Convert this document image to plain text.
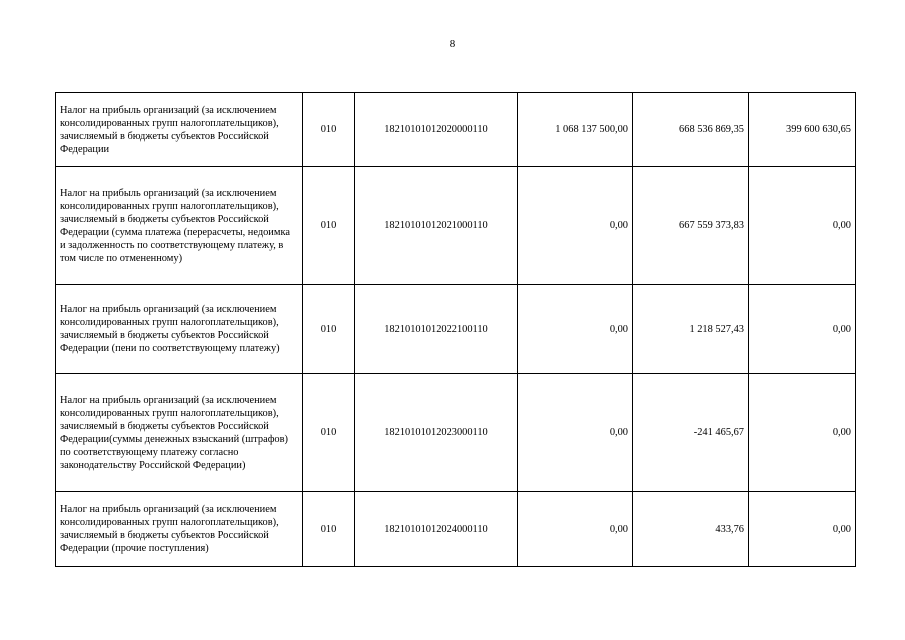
8
Налог на прибыль организаций (за исключением консолидированных групп налогоплательщиков), зачисляемый в бюджеты субъектов Российской Федерации	010	18210101012020000110	1 068 137 500,00	668 536 869,35	399 600 630,65
Налог на прибыль организаций (за исключением консолидированных групп налогоплательщиков), зачисляемый в бюджеты субъектов Российской Федерации (сумма платежа (перерасчеты, недоимка и задолженность по соответствующему платежу, в том числе по отмененному)	010	18210101012021000110	0,00	667 559 373,83	0,00
Налог на прибыль организаций (за исключением консолидированных групп налогоплательщиков), зачисляемый в бюджеты субъектов Российской Федерации (пени по соответствующему платежу)	010	18210101012022100110	0,00	1 218 527,43	0,00
Налог на прибыль организаций (за исключением консолидированных групп налогоплательщиков), зачисляемый в бюджеты субъектов Российской Федерации(суммы денежных взысканий (штрафов) по соответствующему платежу согласно законодательству Российской Федерации)	010	18210101012023000110	0,00	-241 465,67	0,00
Налог на прибыль организаций (за исключением консолидированных групп налогоплательщиков), зачисляемый в бюджеты субъектов Российской Федерации (прочие поступления)	010	18210101012024000110	0,00	433,76	0,00
